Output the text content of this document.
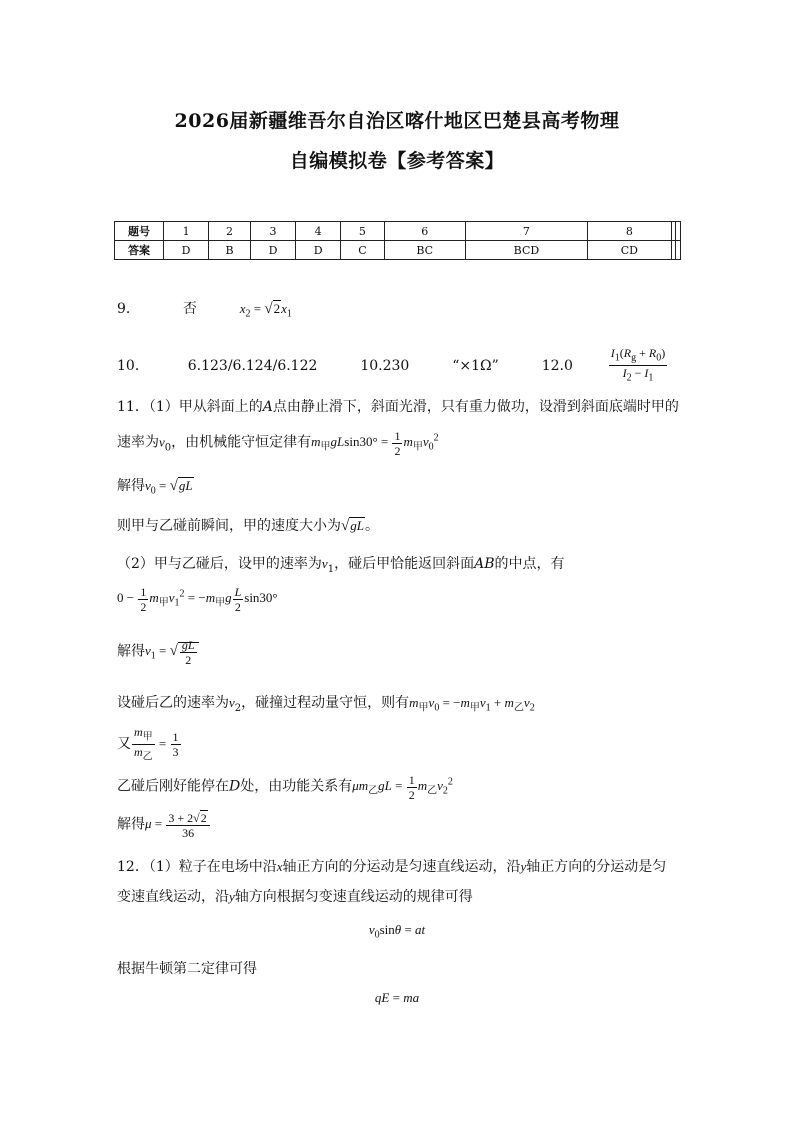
2026届新疆维吾尔自治区喀什地区巴楚县高考物理
自编模拟卷【参考答案】
题号	1	2	3	4	5	6	7	8		
答案	D	B	D	D	C	BC	BCD	CD		
9．	否	$x_2 = √2x_1$
10．	6.123/6.124/6.122	10.230	“×1Ω”	12.0	$\frac{I_1(R_g + R_0)}{I_2 - I_1}$
11．（1）甲从斜面上的A点由静止滑下，斜面光滑，只有重力做功，设滑到斜面底端时甲的
速率为$v_0$，由机械能守恒定律有$m_甲gLsin30^\circ = \frac{1}{2} m_甲v_0^2$
解得$v_0 = √gL$
则甲与乙碰前瞬间，甲的速度大小为√gL。
（2）甲与乙碰后，设甲的速率为$v_1$，碰后甲恰能返回斜面AB的中点，有
$0 - \frac{1}{2} m_甲v_1^2 = -m_甲g \frac{L}{2} \sin 30^\circ$
解得$v_1$ = √ $\frac{gL}{2}$
设碰后乙的速率为$v_2$，碰撞过程动量守恒，则有$m_甲v_0 = -m_甲v_1 + m_乙v_2$
又 $\frac{m_甲}{m_乙} = \frac{1}{3}$
乙碰后刚好能停在D处，由功能关系有$\mu m_乙gL = \frac{1}{2} m_乙v_2^2$
解得$\mu = \frac{3 + 2√2}{36}$
12．（1）粒子在电场中沿x轴正方向的分运动是匀速直线运动，沿y轴正方向的分运动是匀
变速直线运动，沿y轴方向根据匀变速直线运动的规律可得
$v_0\sin\theta$ = at
根据牛顿第二定律可得
qE = ma
